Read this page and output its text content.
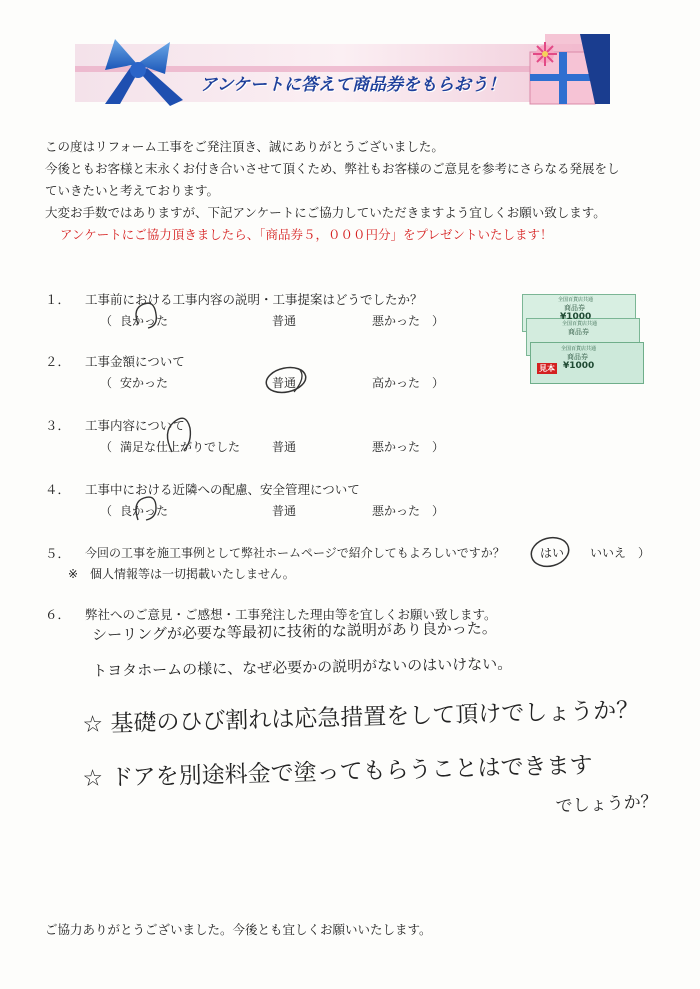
アンケートに答えて商品券をもらおう！
この度はリフォーム工事をご発注頂き、誠にありがとうございました。
今後ともお客様と末永くお付き合いさせて頂くため、弊社もお客様のご意見を参考にさらなる発展をし
ていきたいと考えております。
大変お手数ではありますが、下記アンケートにご協力していただきますよう宜しくお願い致します。
アンケートにご協力頂きましたら、「商品券５，０００円分」をプレゼントいたします！
全国百貨店共通
商品券
¥1000
見本
全国百貨店共通
商品券
¥1000
全国百貨店共通
商品券
１． 工事前における工事内容の説明・工事提案はどうでしたか？
（ 良かった	普通	悪かった ）
２． 工事金額について
（ 安かった	普通	高かった ）
３． 工事内容について
（ 満足な仕上がりでした	普通	悪かった ）
４． 工事中における近隣への配慮、安全管理について
（ 良かった	普通	悪かった ）
５． 今回の工事を施工事例として弊社ホームページで紹介してもよろしいですか？	はい いいえ ）
※　個人情報等は一切掲載いたしません。
６． 弊社へのご意見・ご感想・工事発注した理由等を宜しくお願い致します。
シーリングが必要な等最初に技術的な説明があり良かった。
トヨタホームの様に、なぜ必要かの説明がないのはいけない。
☆ 基礎のひび割れは応急措置をして頂けでしょうか？
☆ ドアを別途料金で塗ってもらうことはできます
でしょうか？
ご協力ありがとうございました。今後とも宜しくお願いいたします。
